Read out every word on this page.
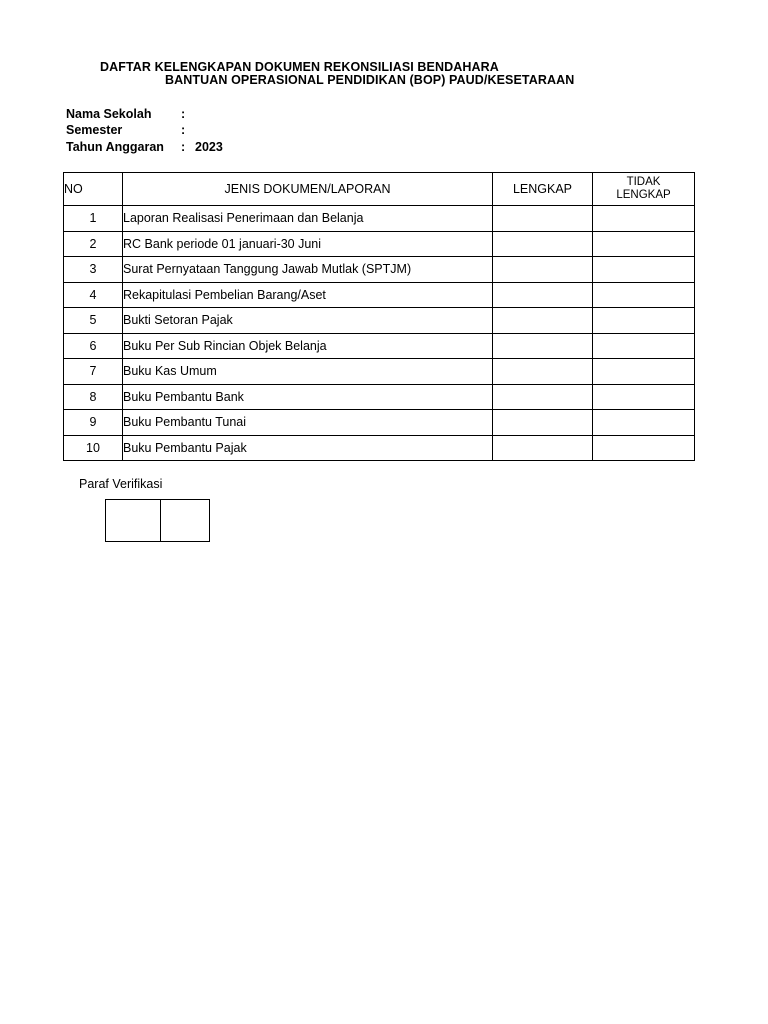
DAFTAR KELENGKAPAN DOKUMEN REKONSILIASI BENDAHARA
BANTUAN OPERASIONAL PENDIDIKAN (BOP) PAUD/KESETARAAN
Nama Sekolah :
Semester	:
Tahun Anggaran : 2023
NO	JENIS DOKUMEN/LAPORAN	LENGKAP	TIDAK
LENGKAP
1	Laporan Realisasi Penerimaan dan Belanja		
2	RC Bank periode 01 januari-30 Juni		
3	Surat Pernyataan Tanggung Jawab Mutlak (SPTJM)		
4	Rekapitulasi Pembelian Barang/Aset		
5	Bukti Setoran Pajak		
6	Buku Per Sub Rincian Objek Belanja		
7	Buku Kas Umum		
8	Buku Pembantu Bank		
9	Buku Pembantu Tunai		
10	Buku Pembantu Pajak		
Paraf Verifikasi
